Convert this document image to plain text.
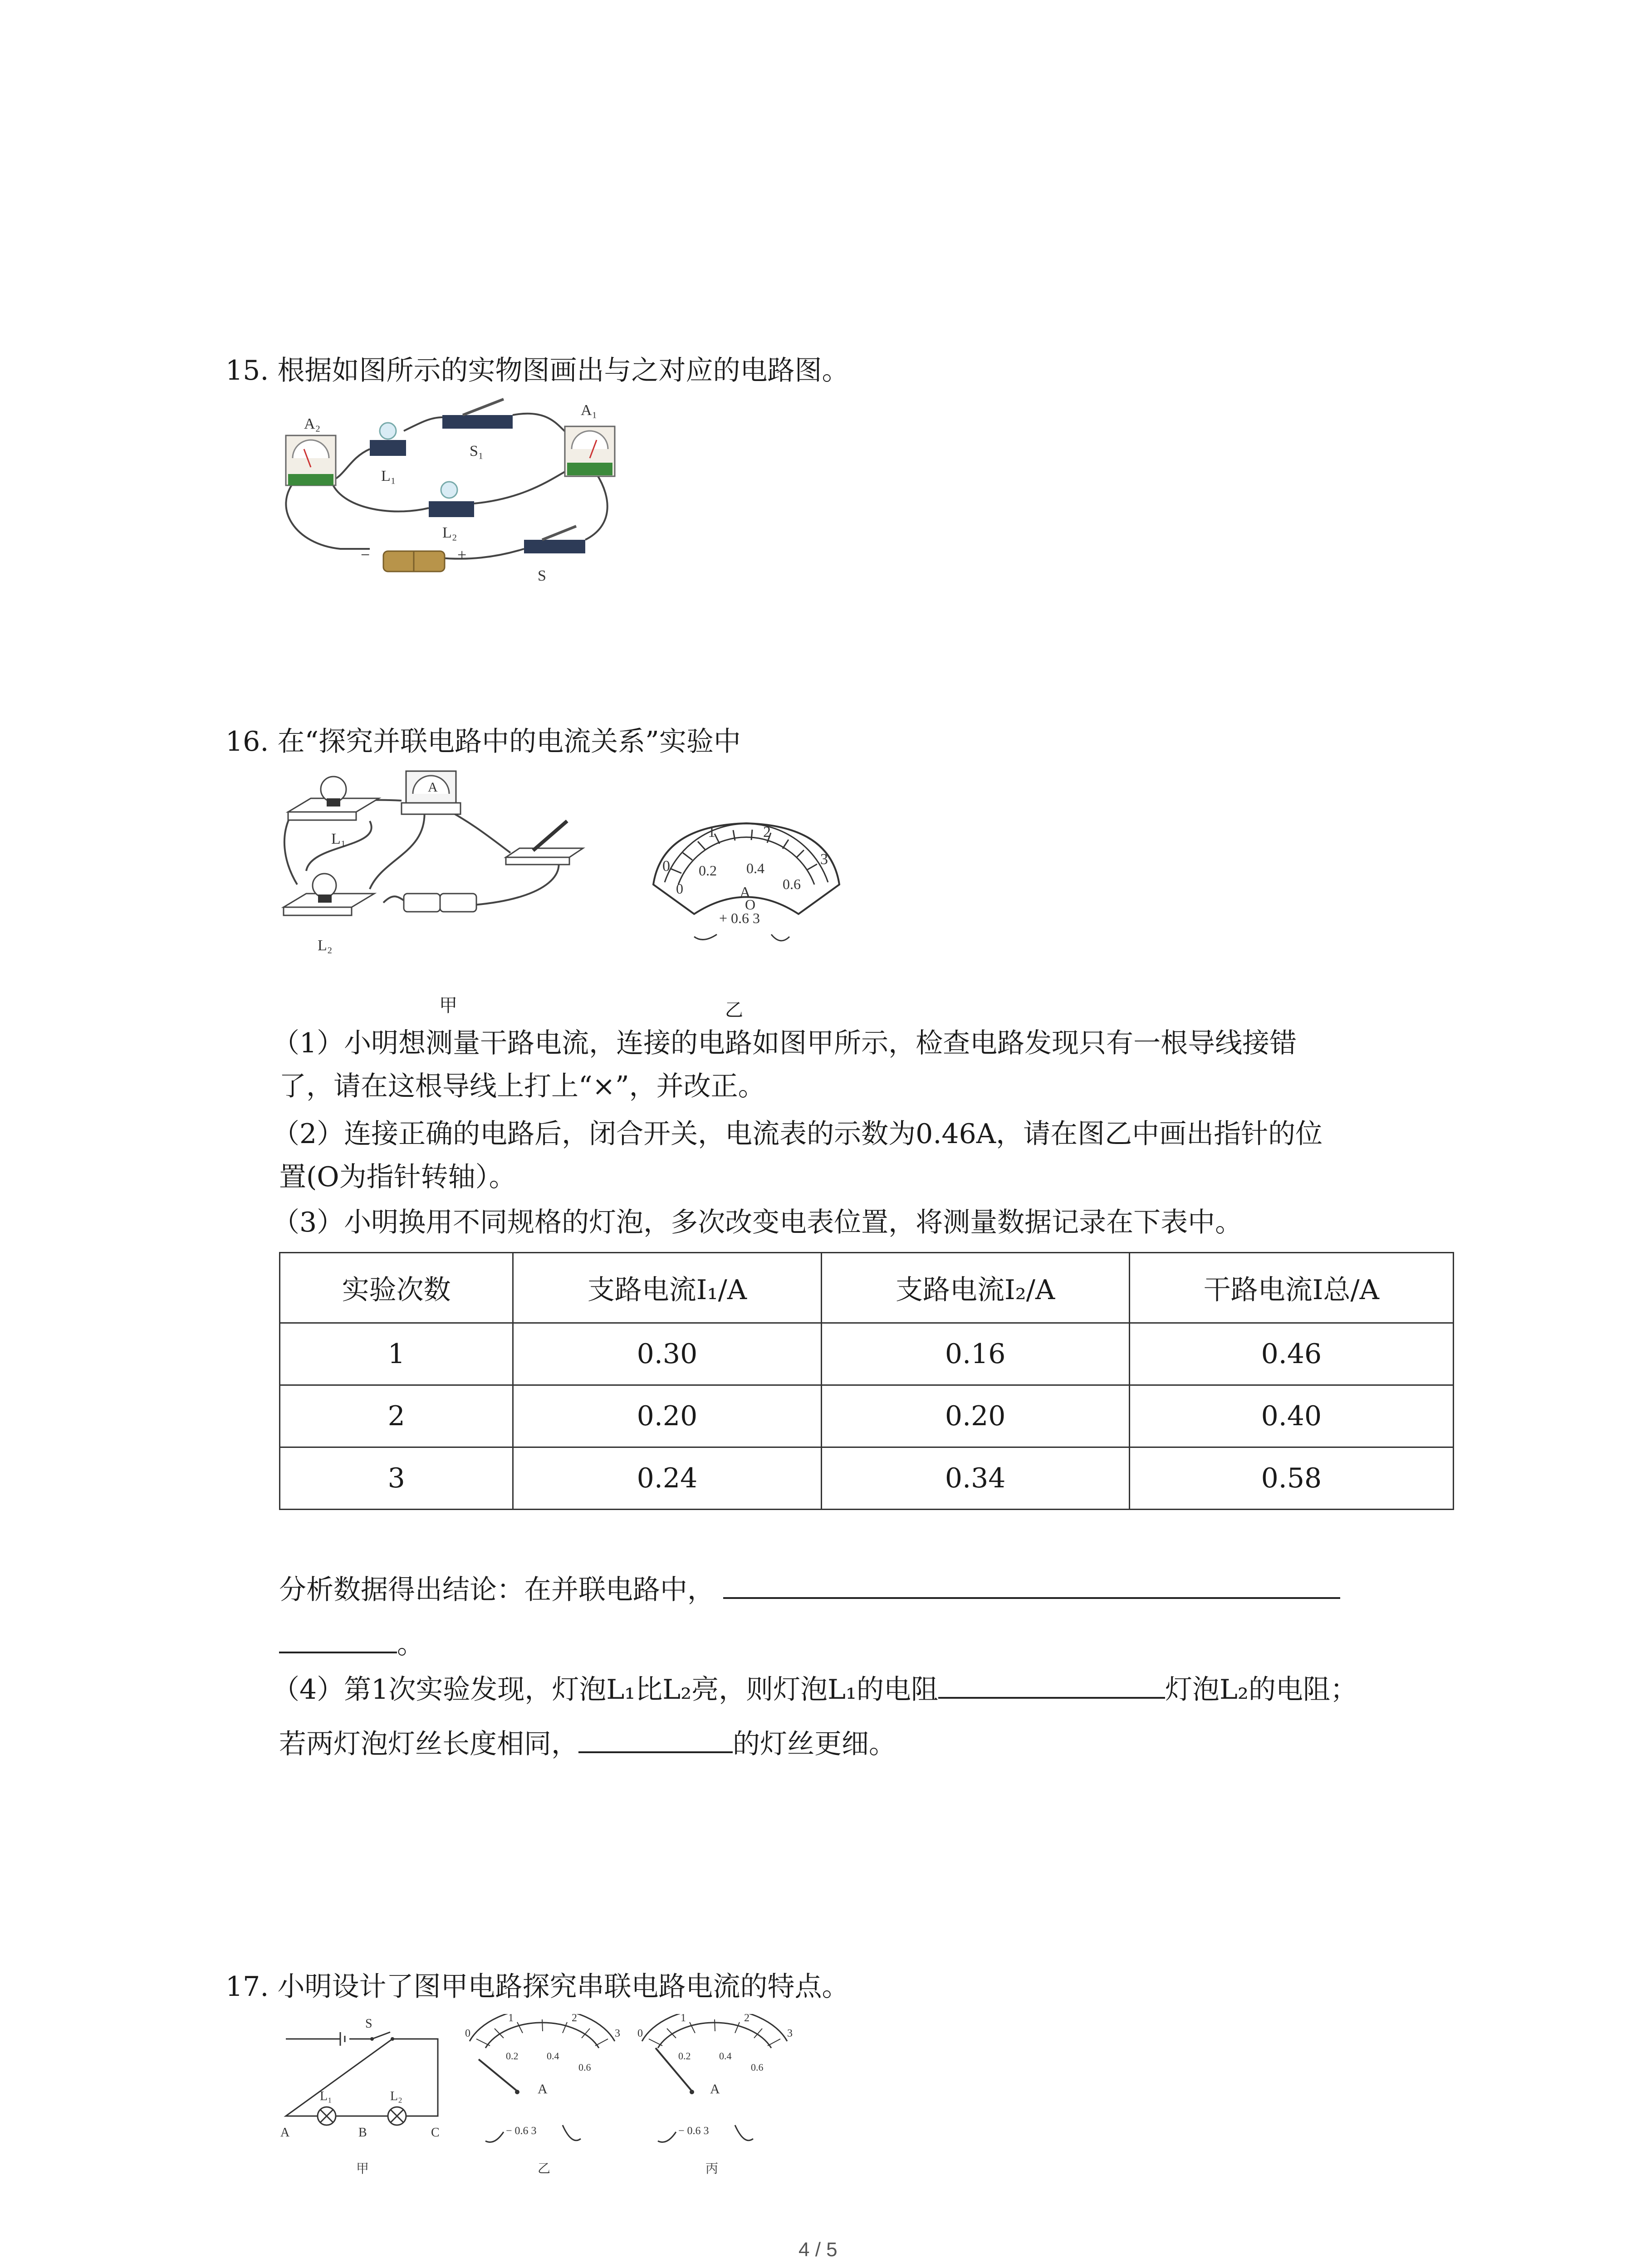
15. 根据如图所示的实物图画出与之对应的电路图。
A₂
L₁
S₁
A₁
L₂
−	+
S
16. 在“探究并联电路中的电流关系”实验中
L₁
A
L₂
0
1	2
3
0
0.2 0.4
0.6
A
O
+ 0.6 3
甲	乙
（1）小明想测量干路电流，连接的电路如图甲所示，检查电路发现只有一根导线接错
了，请在这根导线上打上“×”，并改正。
（2）连接正确的电路后，闭合开关，电流表的示数为0.46A，请在图乙中画出指针的位
置(O为指针转轴）。
（3）小明换用不同规格的灯泡，多次改变电表位置，将测量数据记录在下表中。
实验次数	支路电流I₁/A	支路电流I₂/A	干路电流I总/A
1	0.30	0.16	0.46
2	0.20	0.20	0.40
3	0.24	0.34	0.58
分析数据得出结论：在并联电路中，
。
（4）第1次实验发现，灯泡L₁比L₂亮，则灯泡L₁的电阻	灯泡L₂的电阻；
若两灯泡灯丝长度相同，	的灯丝更细。
17. 小明设计了图甲电路探究串联电路电流的特点。
S
L₁	L₂
A	B	C
甲
0
1	2
3
0.2	0.4
0.6
A
− 0.6 3
乙
0
1	2
3
0.2	0.4
0.6
A
− 0.6 3
丙
4 / 5
